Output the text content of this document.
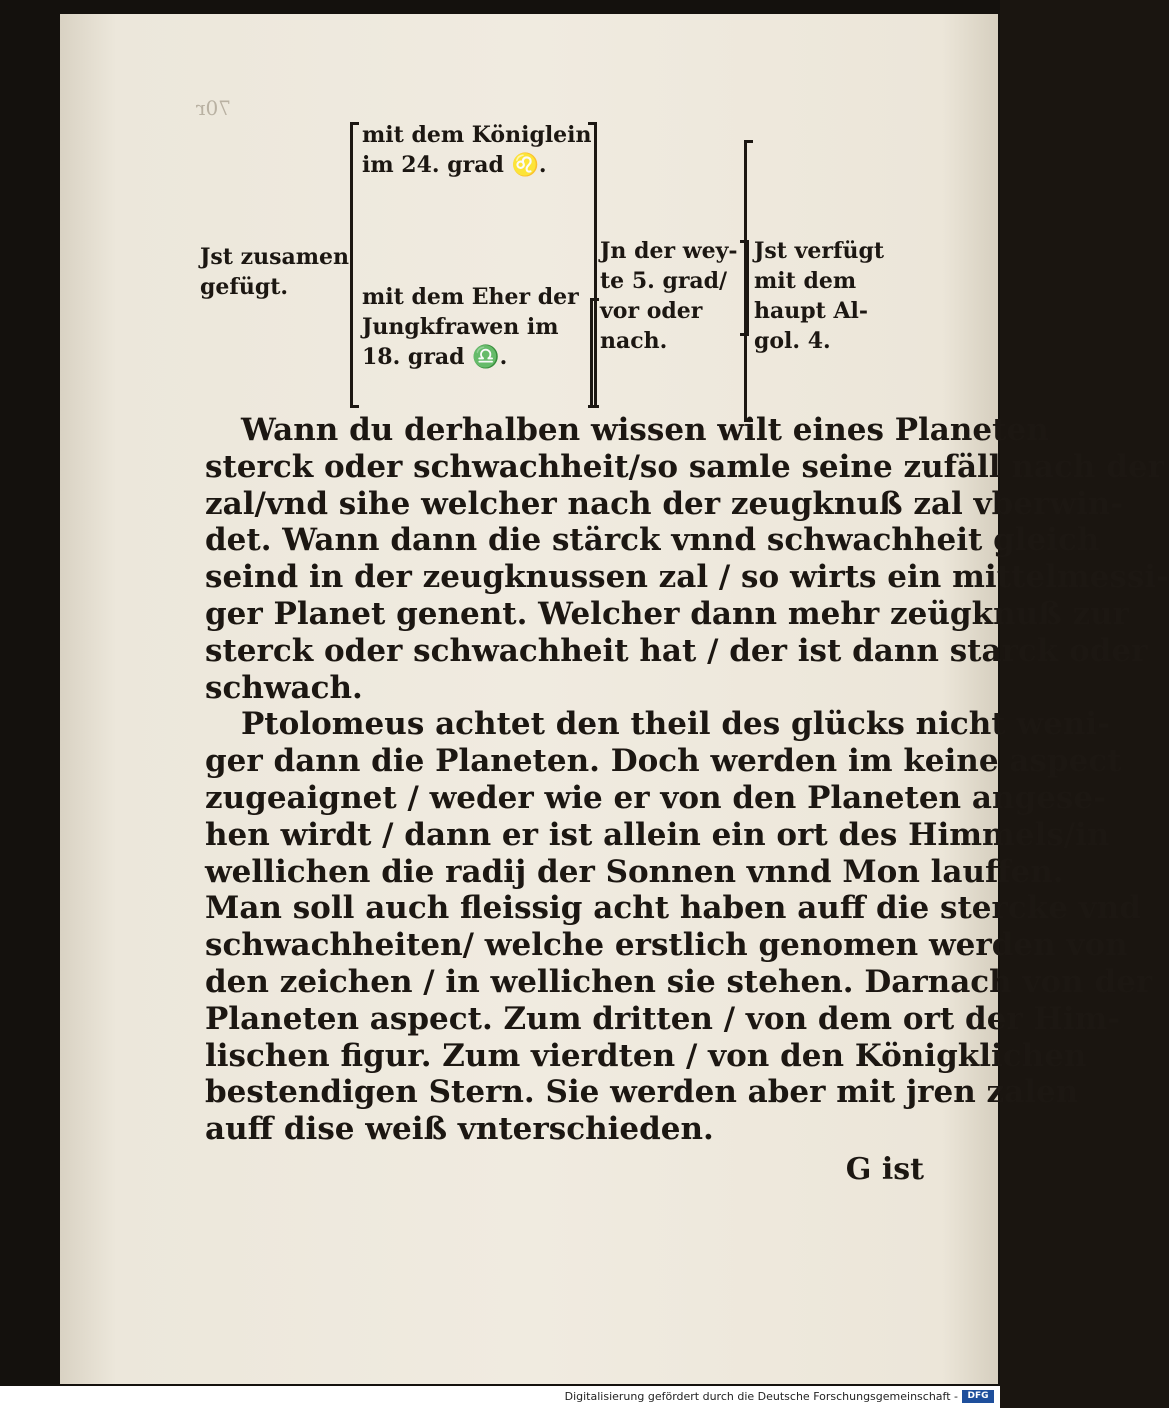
70r
Jst zusamen
gefügt.
mit dem Königlein
im 24. grad ♌.
mit dem Eher der
Jungkfrawen im
18. grad ♎.
Jn der wey-
te 5. grad/
vor oder
nach.
Jst verfügt
mit dem
haupt Al-
gol. 4.

Wann du derhalben wissen wilt eines Planeten
sterck oder schwachheit/so samle seine zufäll nach der
zal/vnd sihe welcher nach der zeugknuß zal vberwin-
det. Wann dann die stärck vnnd schwachheit gleich
seind in der zeugknussen zal / so wirts ein mittelmessi-
ger Planet genent. Welcher dann mehr zeügknuß zur
sterck oder schwachheit hat / der ist dann starck oder
schwach.

Ptolomeus achtet den theil des glücks nicht weni-
ger dann die Planeten. Doch werden im keine aspect
zugeaignet / weder wie er von den Planeten angese-
hen wirdt / dann er ist allein ein ort des Himmels/in
wellichen die radij der Sonnen vnnd Mon lauffen.
Man soll auch fleissig acht haben auff die stercke vnd
schwachheiten/ welche erstlich genomen werden von
den zeichen / in wellichen sie stehen. Darnach von der
Planeten aspect. Zum dritten / von dem ort der Him-
lischen figur. Zum vierdten / von den Königklichen
bestendigen Stern. Sie werden aber mit jren zalen
auff dise weiß vnterschieden.

G ist
Digitalisierung gefördert durch die Deutsche Forschungsgemeinschaft -	DFG
